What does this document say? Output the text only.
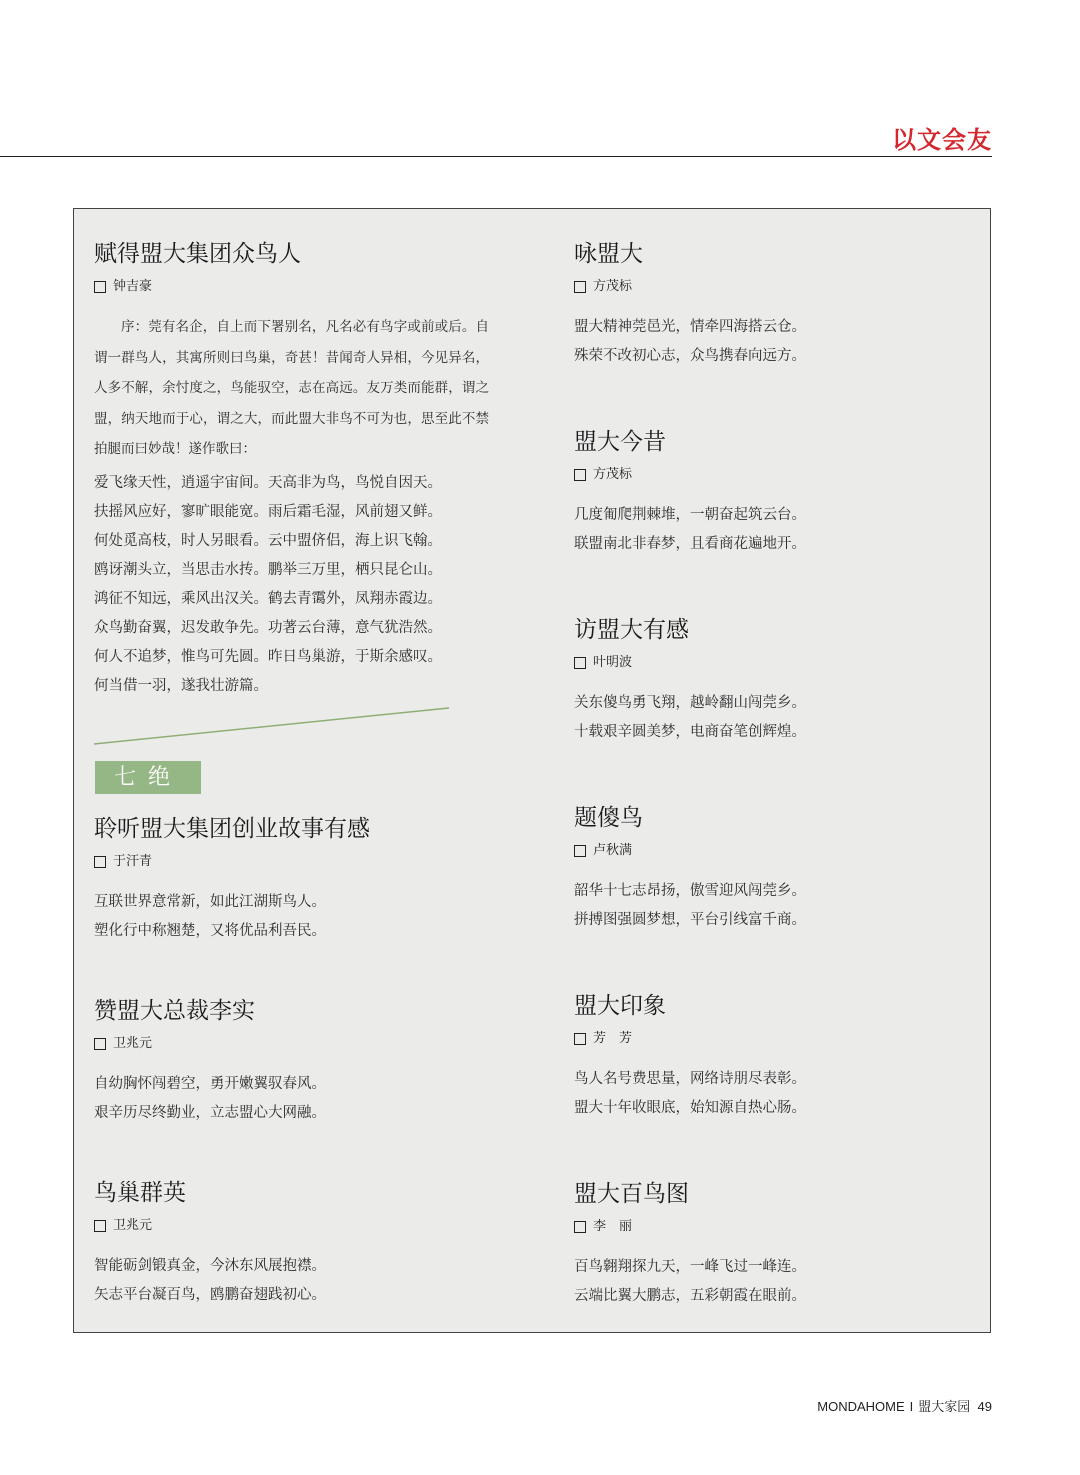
以文会友
赋得盟大集团众鸟人
钟吉豪
序：莞有名企，自上而下署别名，凡名必有鸟字或前或后。自谓一群鸟人，其寓所则曰鸟巢，奇甚！昔闻奇人异相，今见异名，人多不解，余忖度之，鸟能驭空，志在高远。友万类而能群，谓之盟，纳天地而于心，谓之大，而此盟大非鸟不可为也，思至此不禁拍腿而曰妙哉！遂作歌曰：
爱飞缘天性，逍遥宇宙间。天高非为鸟，鸟悦自因天。
扶摇风应好，寥旷眼能宽。雨后霜毛湿，风前翅又鲜。
何处觅高枝，时人另眼看。云中盟侪侣，海上识飞翰。
鸥讶潮头立，当思击水抟。鹏举三万里，栖只昆仑山。
鸿征不知远，乘风出汉关。鹤去青霭外，凤翔赤霞边。
众鸟勤奋翼，迟发敢争先。功著云台薄，意气犹浩然。
何人不追梦，惟鸟可先圆。昨日鸟巢游，于斯余感叹。
何当借一羽，遂我壮游篇。
聆听盟大集团创业故事有感
于汗青
互联世界意常新，如此江湖斯鸟人。
塑化行中称翘楚，又将优品利吾民。
赞盟大总裁李实
卫兆元
自幼胸怀闯碧空，勇开嫩翼驭春风。
艰辛历尽终勤业，立志盟心大网融。
鸟巢群英
卫兆元
智能砺剑锻真金，今沐东风展抱襟。
矢志平台凝百鸟，鸥鹏奋翅践初心。
七绝
咏盟大
方茂标
盟大精神莞邑光，情牵四海搭云仓。
殊荣不改初心志，众鸟携春向远方。
盟大今昔
方茂标
几度匍爬荆棘堆，一朝奋起筑云台。
联盟南北非春梦，且看商花遍地开。
访盟大有感
叶明波
关东傻鸟勇飞翔，越岭翻山闯莞乡。
十载艰辛圆美梦，电商奋笔创辉煌。
题傻鸟
卢秋满
韶华十七志昂扬，傲雪迎风闯莞乡。
拼搏图强圆梦想，平台引线富千商。
盟大印象
芳　芳
鸟人名号费思量，网络诗朋尽表彰。
盟大十年收眼底，始知源自热心肠。
盟大百鸟图
李　丽
百鸟翱翔探九天，一峰飞过一峰连。
云端比翼大鹏志，五彩朝霞在眼前。
MONDAHOME I 盟大家园 49
